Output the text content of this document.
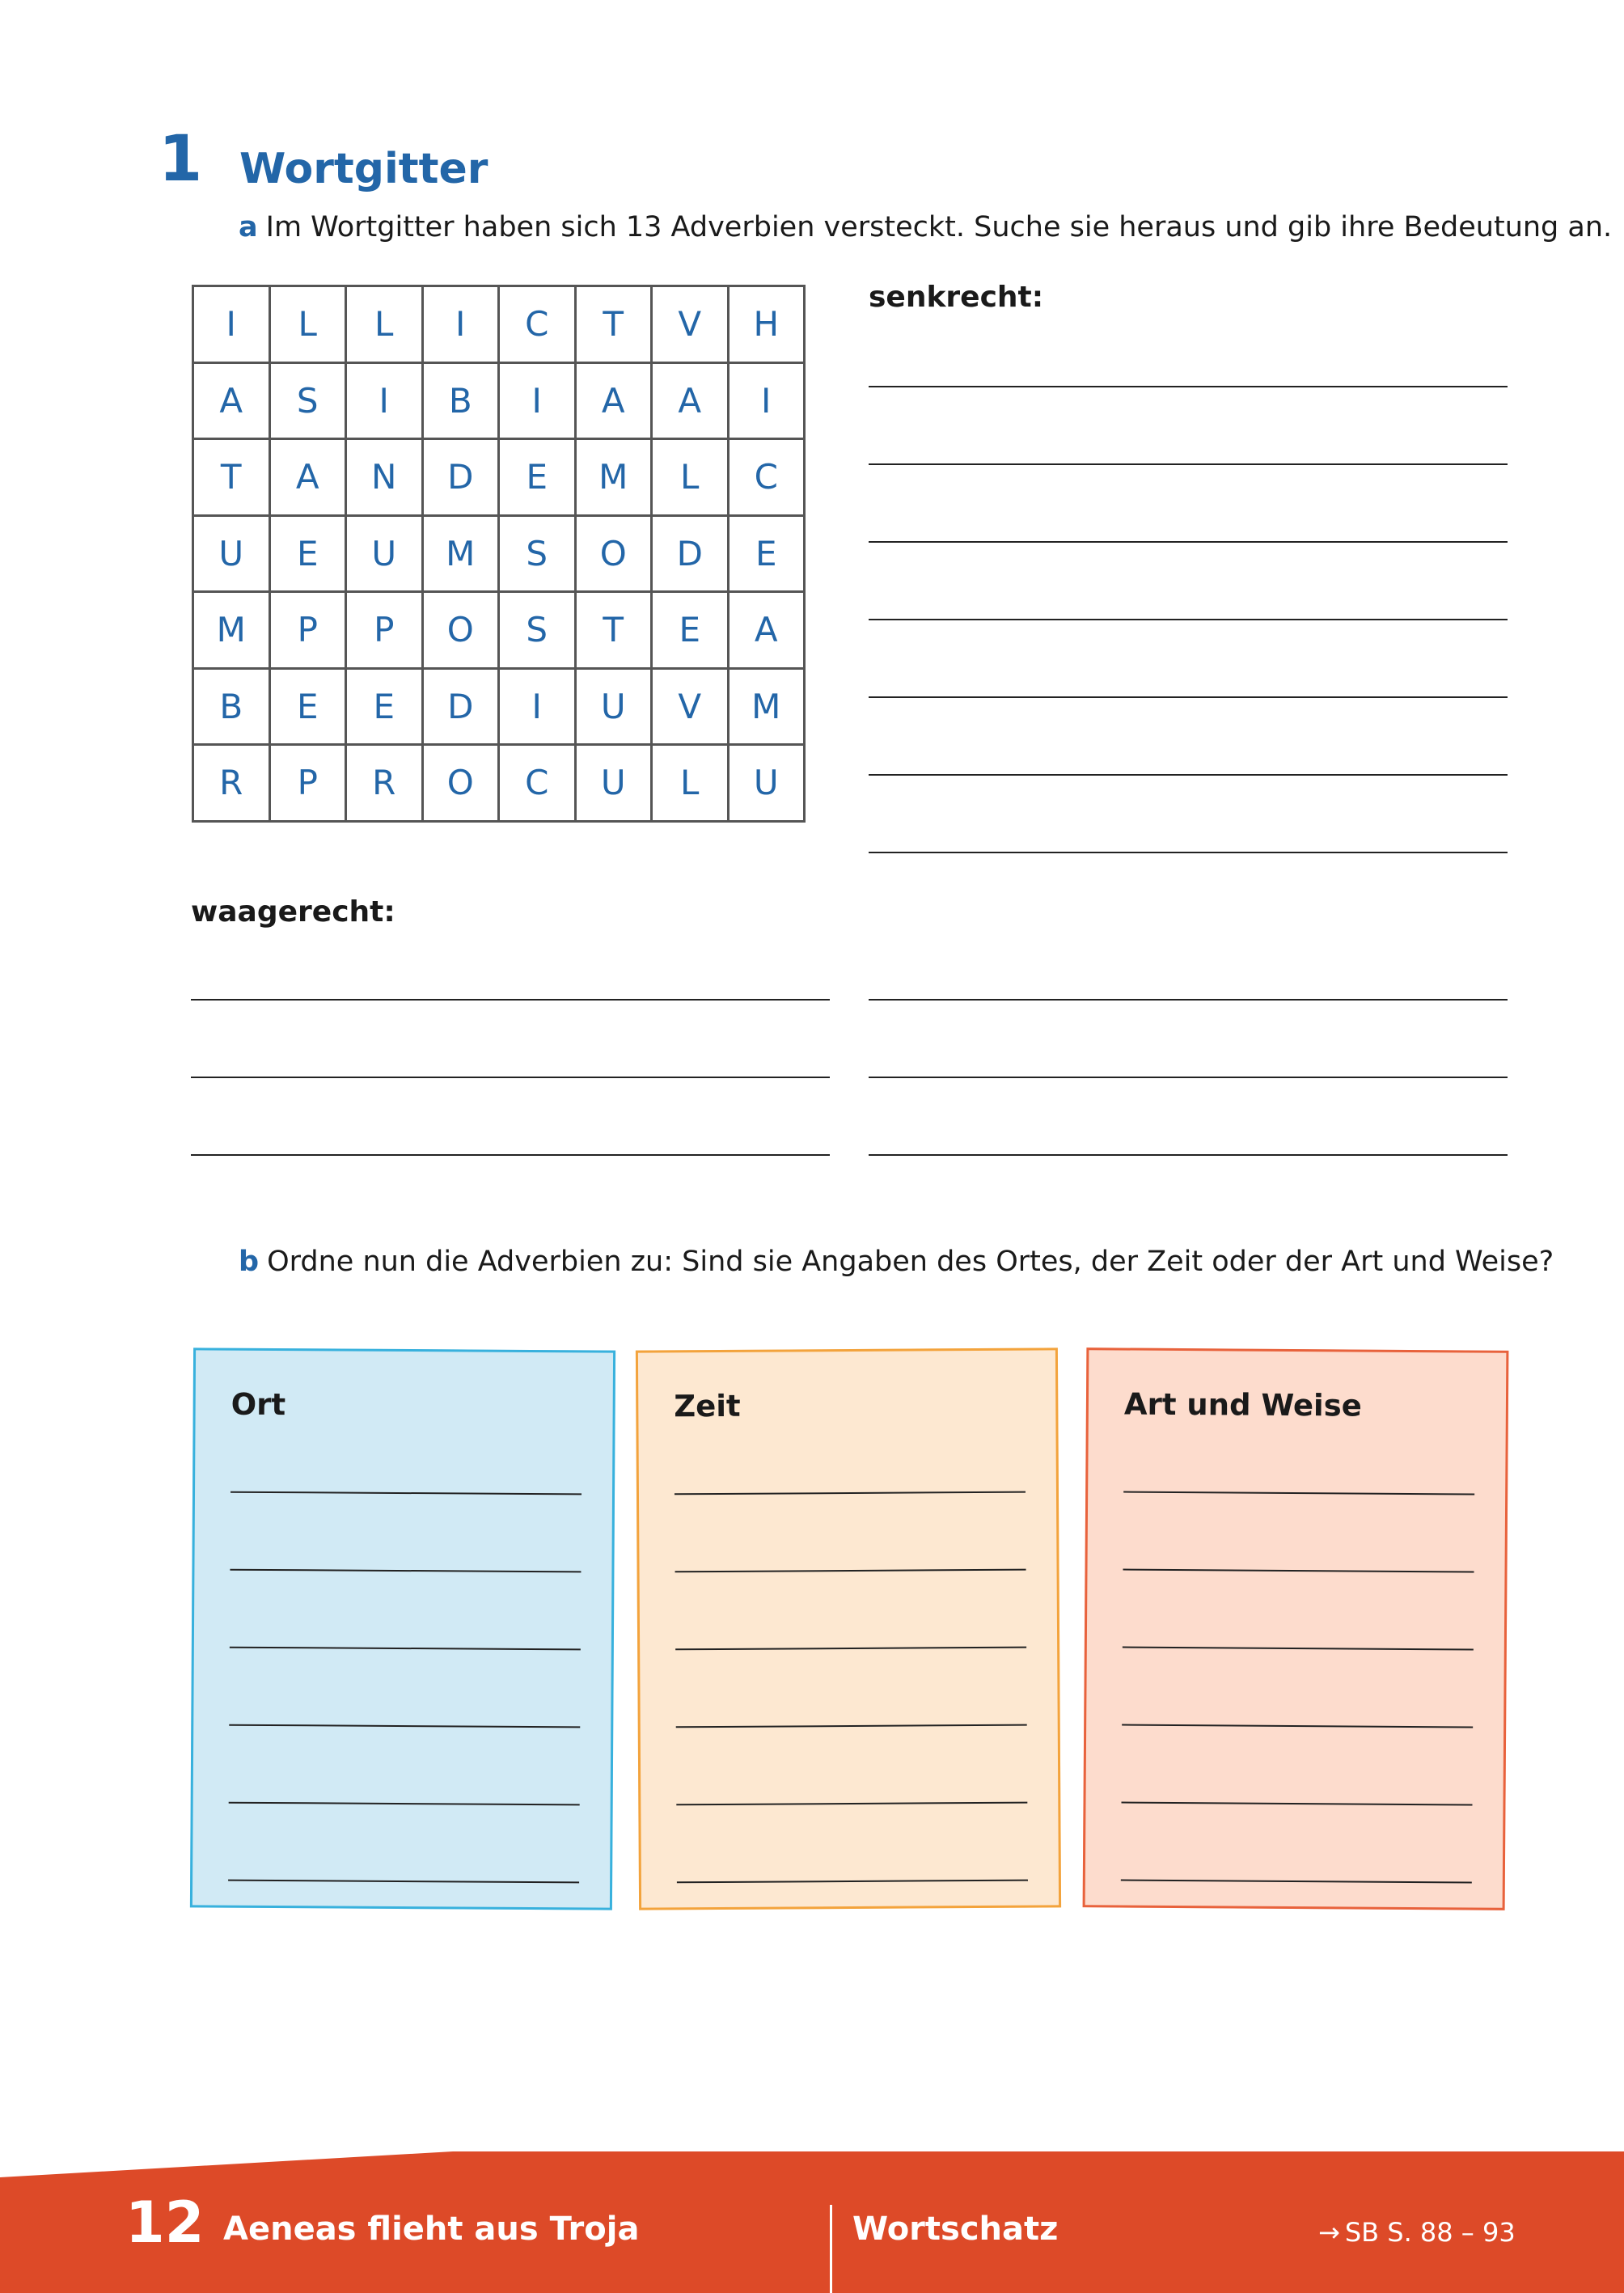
1 Wortgitter
a Im Wortgitter haben sich 13 Adverbien versteckt. Suche sie heraus und gib ihre Bedeutung an.
I	L	L	I	C	T	V	H
A	S	I	B	I	A	A	I
T	A	N	D	E	M	L	C
U	E	U	M	S	O	D	E
M	P	P	O	S	T	E	A
B	E	E	D	I	U	V	M
R	P	R	O	C	U	L	U
senkrecht:
waagerecht:
b Ordne nun die Adverbien zu: Sind sie Angaben des Ortes, der Zeit oder der Art und Weise?
Ort	Zeit	Art und Weise
12 Aeneas flieht aus Troja	Wortschatz	→ SB S. 88 – 93
